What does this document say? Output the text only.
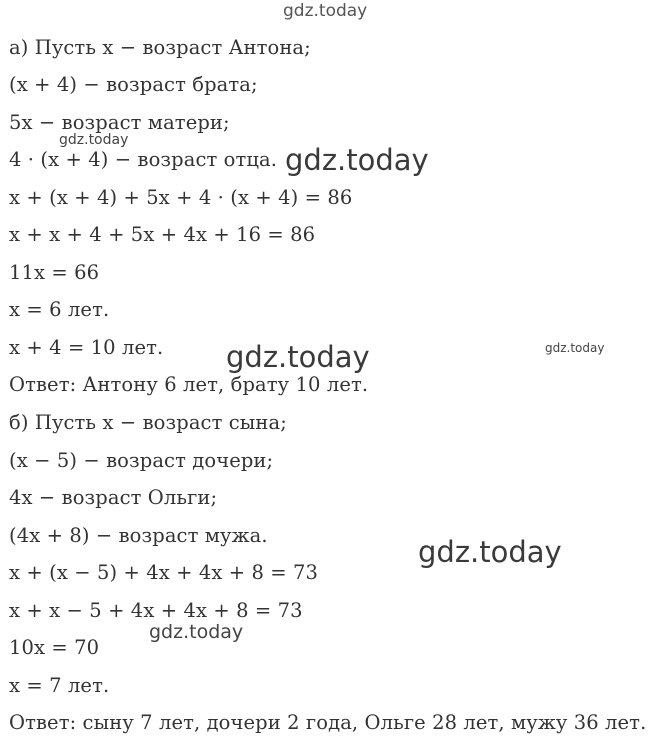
gdz.today
а) Пусть x − возраст Антона;
(x + 4) − возраст брата;
5x − возраст матери;
4 · (x + 4) − возраст отца.
x + (x + 4) + 5x + 4 · (x + 4) = 86
x + x + 4 + 5x + 4x + 16 = 86
11x = 66
x = 6 лет.
x + 4 = 10 лет.
Ответ: Антону 6 лет, брату 10 лет.
б) Пусть x − возраст сына;
(x − 5) − возраст дочери;
4x − возраст Ольги;
(4x + 8) − возраст мужа.
x + (x − 5) + 4x + 4x + 8 = 73
x + x − 5 + 4x + 4x + 8 = 73
10x = 70
x = 7 лет.
Ответ: сыну 7 лет, дочери 2 года, Ольге 28 лет, мужу 36 лет.
gdz.today
gdz.today
gdz.today	gdz.today
gdz.today
gdz.today
